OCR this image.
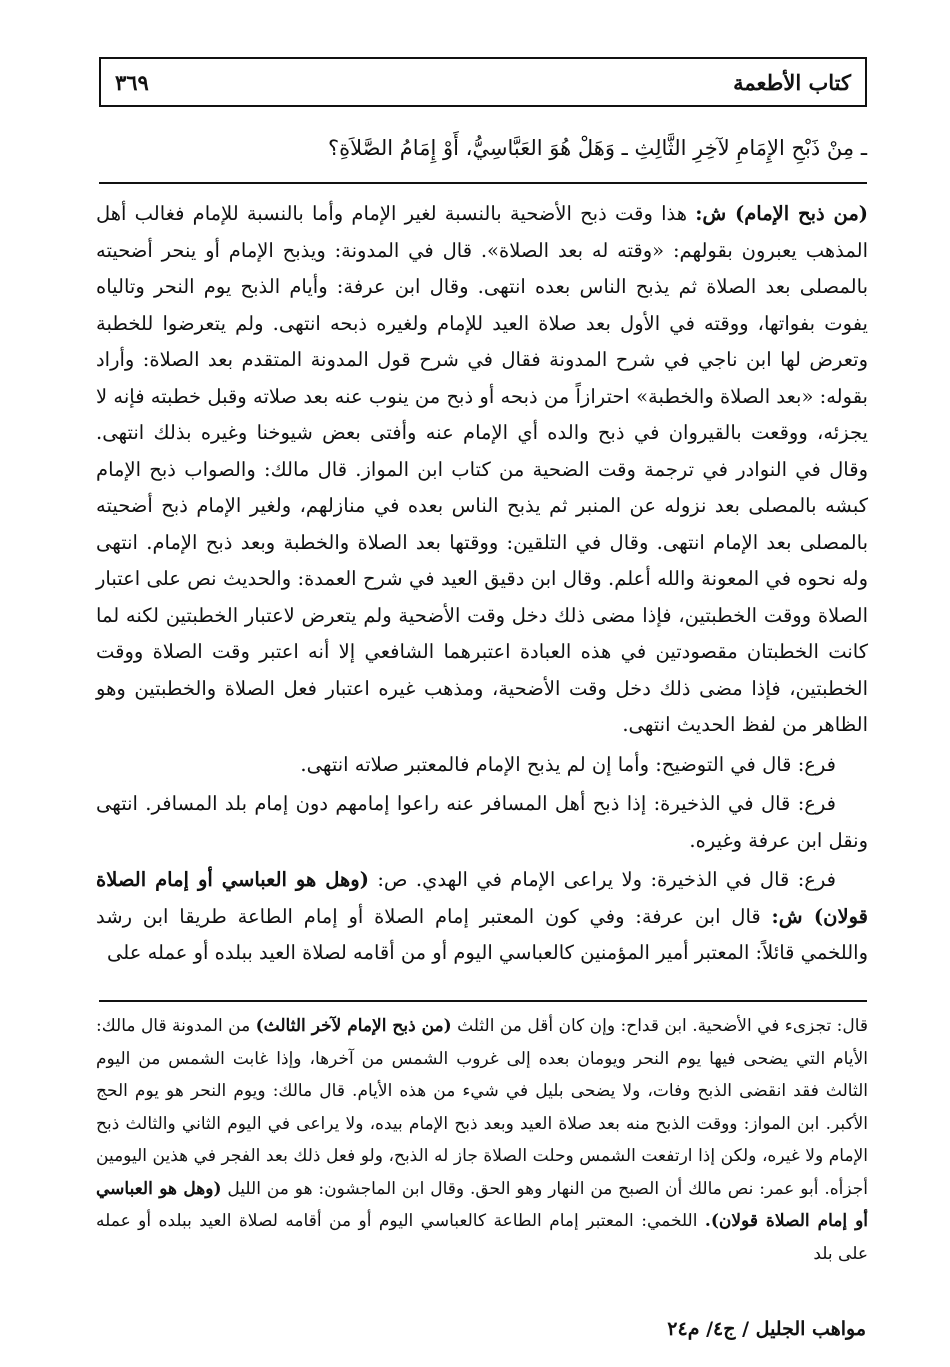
كتاب الأطعمة
٣٦٩
ـ مِنْ ذَبْحِ الإِمَامِ لآخِرِ الثَّالِثِ ـ وَهَلْ هُوَ العَبَّاسِيُّ، أَوْ إِمَامُ الصَّلاَةِ؟

(من ذبح الإمام) ش: هذا وقت ذبح الأضحية بالنسبة لغير الإمام وأما بالنسبة للإمام فغالب أهل المذهب يعبرون بقولهم: «وقته له بعد الصلاة». قال في المدونة: ويذبح الإمام أو ينحر أضحيته بالمصلى بعد الصلاة ثم يذبح الناس بعده انتهى. وقال ابن عرفة: وأيام الذبح يوم النحر وتالياه يفوت بفواتها، ووقته في الأول بعد صلاة العيد للإمام ولغيره ذبحه انتهى. ولم يتعرضوا للخطبة وتعرض لها ابن ناجي في شرح المدونة فقال في شرح قول المدونة المتقدم بعد الصلاة: وأراد بقوله: «بعد الصلاة والخطبة» احترازاً من ذبحه أو ذبح من ينوب عنه بعد صلاته وقبل خطبته فإنه لا يجزئه، ووقعت بالقيروان في ذبح والده أي الإمام عنه وأفتى بعض شيوخنا وغيره بذلك انتهى. وقال في النوادر في ترجمة وقت الضحية من كتاب ابن المواز. قال مالك: والصواب ذبح الإمام كبشه بالمصلى بعد نزوله عن المنبر ثم يذبح الناس بعده في منازلهم، ولغير الإمام ذبح أضحيته بالمصلى بعد الإمام انتهى. وقال في التلقين: ووقتها بعد الصلاة والخطبة وبعد ذبح الإمام. انتهى وله نحوه في المعونة والله أعلم. وقال ابن دقيق العيد في شرح العمدة: والحديث نص على اعتبار الصلاة ووقت الخطبتين، فإذا مضى ذلك دخل وقت الأضحية ولم يتعرض لاعتبار الخطبتين لكنه لما كانت الخطبتان مقصودتين في هذه العبادة اعتبرهما الشافعي إلا أنه اعتبر وقت الصلاة ووقت الخطبتين، فإذا مضى ذلك دخل وقت الأضحية، ومذهب غيره اعتبار فعل الصلاة والخطبتين وهو الظاهر من لفظ الحديث انتهى.

فرع: قال في التوضيح: وأما إن لم يذبح الإمام فالمعتبر صلاته انتهى.

فرع: قال في الذخيرة: إذا ذبح أهل المسافر عنه راعوا إمامهم دون إمام بلد المسافر. انتهى ونقل ابن عرفة وغيره.

فرع: قال في الذخيرة: ولا يراعى الإمام في الهدي. ص: (وهل هو العباسي أو إمام الصلاة قولان) ش: قال ابن عرفة: وفي كون المعتبر إمام الصلاة أو إمام الطاعة طريقا ابن رشد واللخمي قائلاً: المعتبر أمير المؤمنين كالعباسي اليوم أو من أقامه لصلاة العيد ببلده أو عمله على

قال: تجزىء في الأضحية. ابن قداح: وإن كان أقل من الثلث (من ذبح الإمام لآخر الثالث) من المدونة قال مالك: الأيام التي يضحى فيها يوم النحر ويومان بعده إلى غروب الشمس من آخرها، وإذا غابت الشمس من اليوم الثالث فقد انقضى الذبح وفات، ولا يضحى بليل في شيء من هذه الأيام. قال مالك: ويوم النحر هو يوم الحج الأكبر. ابن المواز: ووقت الذبح منه بعد صلاة العيد وبعد ذبح الإمام بيده، ولا يراعى في اليوم الثاني والثالث ذبح الإمام ولا غيره، ولكن إذا ارتفعت الشمس وحلت الصلاة جاز له الذبح، ولو فعل ذلك بعد الفجر في هذين اليومين أجزأه. أبو عمر: نص مالك أن الصبح من النهار وهو الحق. وقال ابن الماجشون: هو من الليل (وهل هو العباسي أو إمام الصلاة قولان). اللخمي: المعتبر إمام الطاعة كالعباسي اليوم أو من أقامه لصلاة العيد ببلده أو عمله على بلد

مواهب الجليل / ج٤/ م٢٤
